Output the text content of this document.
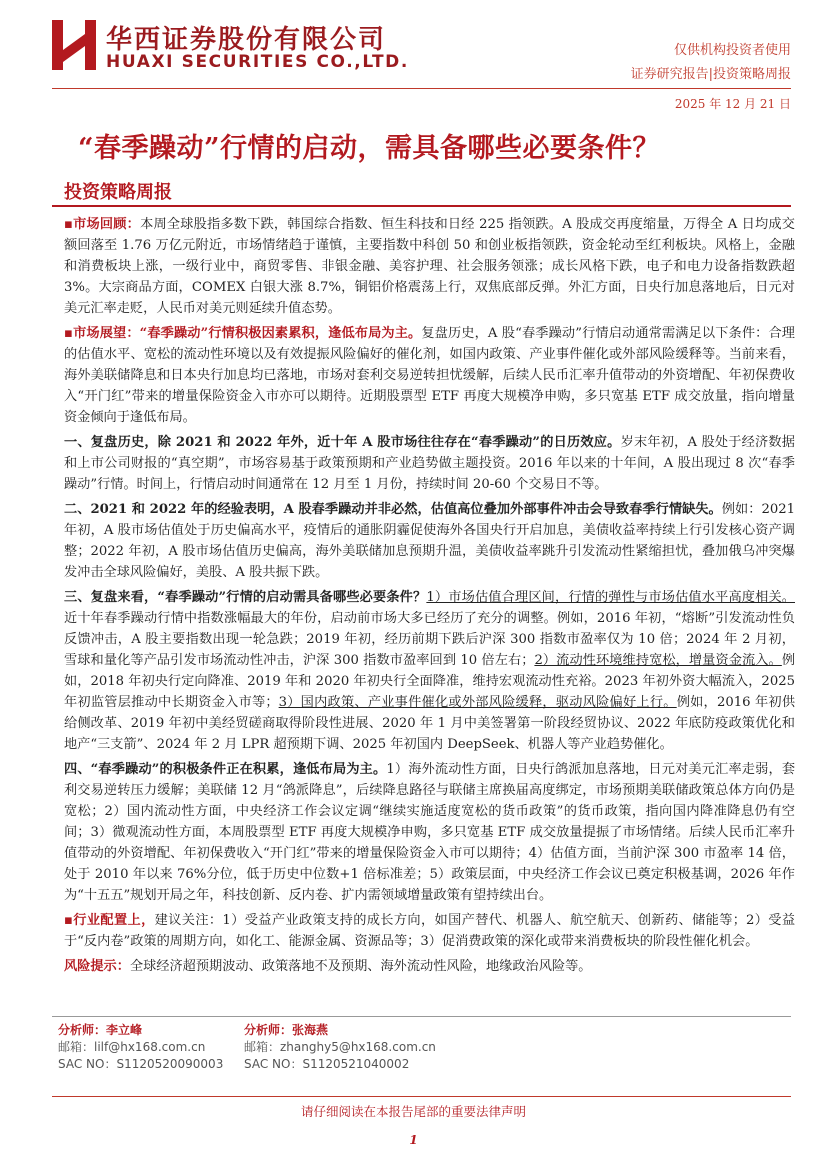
华西证券股份有限公司
HUAXI SECURITIES CO.,LTD.
仅供机构投资者使用
证券研究报告|投资策略周报
2025 年 12 月 21 日
“春季躁动”行情的启动，需具备哪些必要条件？
投资策略周报

▪市场回顾：本周全球股指多数下跌，韩国综合指数、恒生科技和日经 225 指领跌。A 股成交再度缩量，万得全 A 日均成交额回落至 1.76 万亿元附近，市场情绪趋于谨慎，主要指数中科创 50 和创业板指领跌，资金轮动至红利板块。风格上，金融和消费板块上涨，一级行业中，商贸零售、非银金融、美容护理、社会服务领涨；成长风格下跌，电子和电力设备指数跌超 3%。大宗商品方面，COMEX 白银大涨 8.7%，铜铝价格震荡上行，双焦底部反弹。外汇方面，日央行加息落地后，日元对美元汇率走贬，人民币对美元则延续升值态势。

▪市场展望：“春季躁动”行情积极因素累积，逢低布局为主。复盘历史，A 股“春季躁动”行情启动通常需满足以下条件：合理的估值水平、宽松的流动性环境以及有效提振风险偏好的催化剂，如国内政策、产业事件催化或外部风险缓释等。当前来看，海外美联储降息和日本央行加息均已落地，市场对套利交易逆转担忧缓解，后续人民币汇率升值带动的外资增配、年初保费收入“开门红”带来的增量保险资金入市亦可以期待。近期股票型 ETF 再度大规模净申购，多只宽基 ETF 成交放量，指向增量资金倾向于逢低布局。

一、复盘历史，除 2021 和 2022 年外，近十年 A 股市场往往存在“春季躁动”的日历效应。岁末年初，A 股处于经济数据和上市公司财报的“真空期”，市场容易基于政策预期和产业趋势做主题投资。2016 年以来的十年间，A 股出现过 8 次“春季躁动”行情。时间上，行情启动时间通常在 12 月至 1 月份，持续时间 20-60 个交易日不等。

二、2021 和 2022 年的经验表明，A 股春季躁动并非必然，估值高位叠加外部事件冲击会导致春季行情缺失。例如：2021 年初，A 股市场估值处于历史偏高水平，疫情后的通胀阴霾促使海外各国央行开启加息，美债收益率持续上行引发核心资产调整；2022 年初，A 股市场估值历史偏高，海外美联储加息预期升温，美债收益率跳升引发流动性紧缩担忧，叠加俄乌冲突爆发冲击全球风险偏好，美股、A 股共振下跌。

三、复盘来看，“春季躁动”行情的启动需具备哪些必要条件？1）市场估值合理区间，行情的弹性与市场估值水平高度相关。近十年春季躁动行情中指数涨幅最大的年份，启动前市场大多已经历了充分的调整。例如，2016 年初，“熔断”引发流动性负反馈冲击，A 股主要指数出现一轮急跌；2019 年初，经历前期下跌后沪深 300 指数市盈率仅为 10 倍；2024 年 2 月初，雪球和量化等产品引发市场流动性冲击，沪深 300 指数市盈率回到 10 倍左右；2）流动性环境维持宽松，增量资金流入。例如，2018 年初央行定向降准、2019 年和 2020 年初央行全面降准，维持宏观流动性充裕。2023 年初外资大幅流入，2025 年初监管层推动中长期资金入市等；3）国内政策、产业事件催化或外部风险缓释，驱动风险偏好上行。例如，2016 年初供给侧改革、2019 年初中美经贸磋商取得阶段性进展、2020 年 1 月中美签署第一阶段经贸协议、2022 年底防疫政策优化和地产“三支箭”、2024 年 2 月 LPR 超预期下调、2025 年初国内 DeepSeek、机器人等产业趋势催化。

四、“春季躁动”的积极条件正在积累，逢低布局为主。1）海外流动性方面，日央行鸽派加息落地，日元对美元汇率走弱，套利交易逆转压力缓解；美联储 12 月“鸽派降息”，后续降息路径与联储主席换届高度绑定，市场预期美联储政策总体方向仍是宽松；2）国内流动性方面，中央经济工作会议定调“继续实施适度宽松的货币政策”的货币政策，指向国内降准降息仍有空间；3）微观流动性方面，本周股票型 ETF 再度大规模净申购，多只宽基 ETF 成交放量提振了市场情绪。后续人民币汇率升值带动的外资增配、年初保费收入“开门红”带来的增量保险资金入市可以期待；4）估值方面，当前沪深 300 市盈率 14 倍，处于 2010 年以来 76%分位，低于历史中位数+1 倍标准差；5）政策层面，中央经济工作会议已奠定积极基调，2026 年作为“十五五”规划开局之年，科技创新、反内卷、扩内需领域增量政策有望持续出台。

▪行业配置上，建议关注：1）受益产业政策支持的成长方向，如国产替代、机器人、航空航天、创新药、储能等；2）受益于“反内卷”政策的周期方向，如化工、能源金属、资源品等；3）促消费政策的深化或带来消费板块的阶段性催化机会。

风险提示：全球经济超预期波动、政策落地不及预期、海外流动性风险，地缘政治风险等。

分析师：李立峰
邮箱：lilf@hx168.com.cn
SAC NO：S1120520090003
分析师：张海燕
邮箱：zhanghy5@hx168.com.cn
SAC NO：S1120521040002
请仔细阅读在本报告尾部的重要法律声明
1
